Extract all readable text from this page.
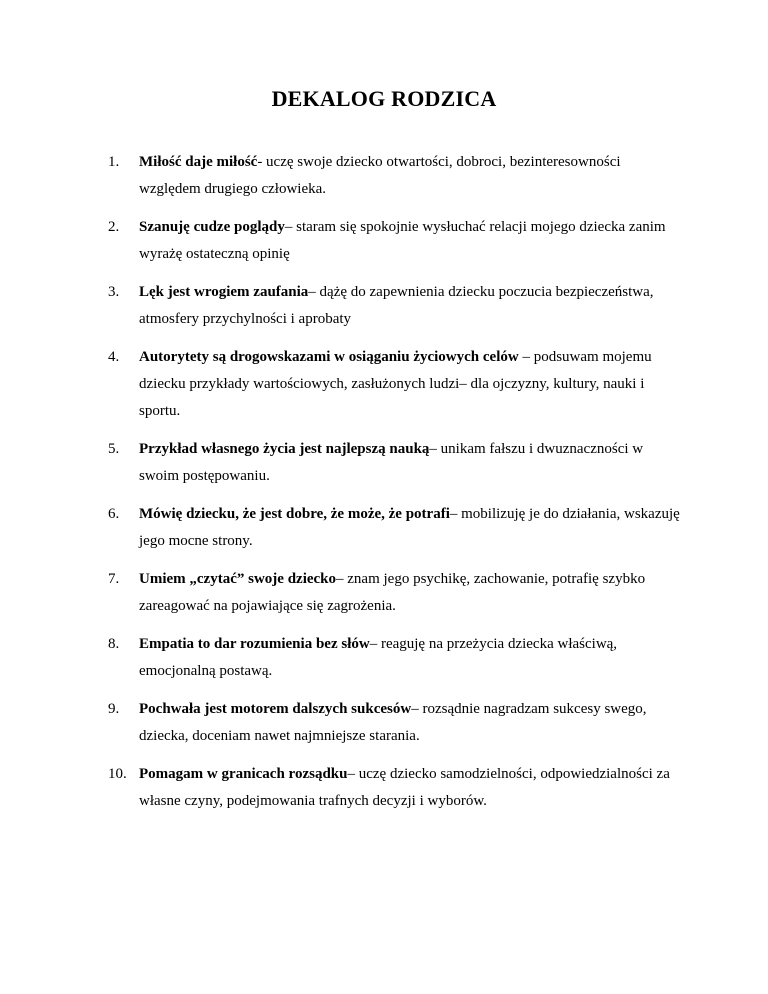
DEKALOG RODZICA
1. Miłość daje miłość- uczę swoje dziecko otwartości, dobroci, bezinteresowności względem drugiego człowieka.
2. Szanuję cudze poglądy– staram się spokojnie wysłuchać relacji mojego dziecka zanim wyrażę ostateczną opinię
3. Lęk jest wrogiem zaufania– dążę do zapewnienia dziecku poczucia bezpieczeństwa, atmosfery przychylności i aprobaty
4. Autorytety są drogowskazami w osiąganiu życiowych celów – podsuwam mojemu dziecku przykłady wartościowych, zasłużonych ludzi– dla ojczyzny, kultury, nauki i sportu.
5. Przykład własnego życia jest najlepszą nauką– unikam fałszu i dwuznaczności w swoim postępowaniu.
6. Mówię dziecku, że jest dobre, że może, że potrafi– mobilizuję je do działania, wskazuję jego mocne strony.
7. Umiem „czytać” swoje dziecko– znam jego psychikę, zachowanie, potrafię szybko zareagować na pojawiające się zagrożenia.
8. Empatia to dar rozumienia bez słów– reaguję na przeżycia dziecka właściwą, emocjonalną postawą.
9. Pochwała jest motorem dalszych sukcesów– rozsądnie nagradzam sukcesy swego, dziecka, doceniam nawet najmniejsze starania.
10. Pomagam w granicach rozsądku– uczę dziecko samodzielności, odpowiedzialności za własne czyny, podejmowania trafnych decyzji i wyborów.
